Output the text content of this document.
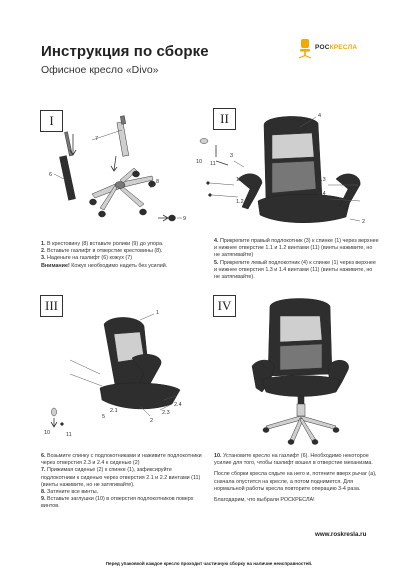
Инструкция по сборке
Офисное кресло «Divo»
РОСКРЕСЛА
I
7
6
8
9

1. В крестовину (8) вставьте ролики (9) до упора.

2. Вставьте газлифт в отверстие крестовины (8).

3. Наденьте на газлифт (6) кожух (7)

Внимание! Кожух необходимо надеть без усилий.

II	4
10 11
3
1.3
1.4
1.1
1.2
2

4. Прикрепите правый подлокотник (3) к спинке (1) через верхнее и нижнее отверстие 1.1 и 1.2 винтами (11) (винты наживите, но не затягивайте)

5. Прикрепите левый подлокотник (4) к спинке (1) через верхнее и нижнее отверстия 1.3 и 1.4 винтами (11) (винты наживите, но не затягивайте).

III	1
2
2.2
2.4
2.3
2.1
5
10	11

6. Возьмите спинку с подлокотниками и наживите подлокотники через отверстия 2.3 и 2.4 к сиденью (2)

7. Прижимая сиденье (2) к спинке (1), зафиксируйте подлокотники к сиденью через отверстия 2.1 и 2.2 винтами (11) (винты наживите, но не затягивайте).

8. Затяните все винты.

9. Вставьте заглушки (10) в отверстия подлокотников поверх винтов.

IV

10. Установите кресло на газлифт (6). Необходимо некоторое усилие для того, чтобы газлифт вошел в отверстие механизма.

После сборки кресла сядьте на него и, потяните вверх рычаг (а), сначала опустится на кресле, а потом поднимется. Для нормальной работы кресла повторите операцию 3-4 раза.

Благодарим, что выбрали РОСКРЕСЛА!

www.roskresla.ru
Перед упаковкой каждое кресло проходит частичную сборку на наличие неисправностей.
